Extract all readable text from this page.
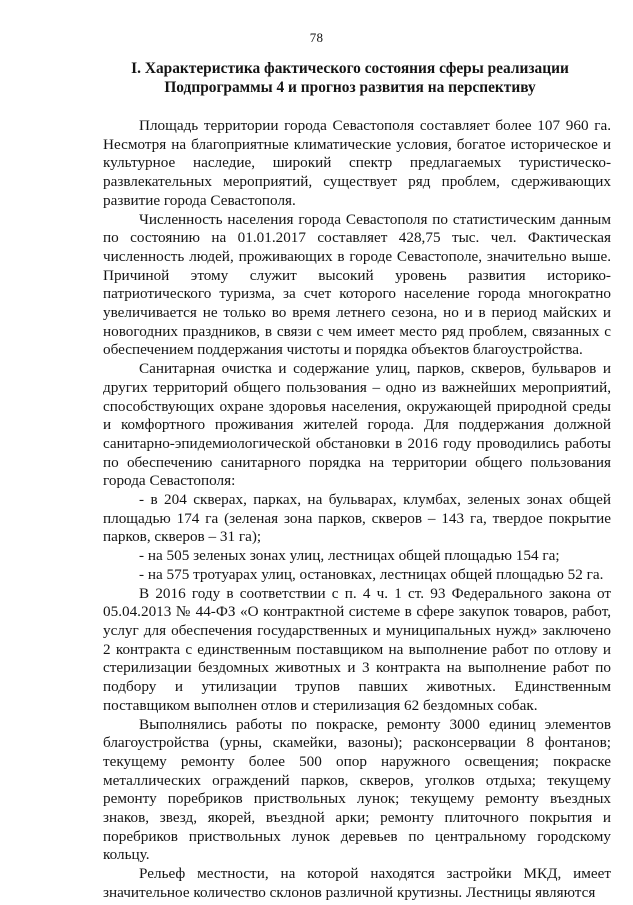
78
I. Характеристика фактического состояния сферы реализации
Подпрограммы 4 и прогноз развития на перспективу

Площадь территории города Севастополя составляет более 107 960 га. Несмотря на благоприятные климатические условия, богатое историческое и культурное наследие, широкий спектр предлагаемых туристическо-развлекательных мероприятий, существует ряд проблем, сдерживающих развитие города Севастополя.

Численность населения города Севастополя по статистическим данным по состоянию на 01.01.2017 составляет 428,75 тыс. чел. Фактическая численность людей, проживающих в городе Севастополе, значительно выше. Причиной этому служит высокий уровень развития историко-патриотического туризма, за счет которого население города многократно увеличивается не только во время летнего сезона, но и в период майских и новогодних праздников, в связи с чем имеет место ряд проблем, связанных с обеспечением поддержания чистоты и порядка объектов благоустройства.

Санитарная очистка и содержание улиц, парков, скверов, бульваров и других территорий общего пользования – одно из важнейших мероприятий, способствующих охране здоровья населения, окружающей природной среды и комфортного проживания жителей города. Для поддержания должной санитарно-эпидемиологической обстановки в 2016 году проводились работы по обеспечению санитарного порядка на территории общего пользования города Севастополя:

- в 204 скверах, парках, на бульварах, клумбах, зеленых зонах общей площадью 174 га (зеленая зона парков, скверов – 143 га, твердое покрытие парков, скверов – 31 га);

- на 505 зеленых зонах улиц, лестницах общей площадью 154 га;

- на 575 тротуарах улиц, остановках, лестницах общей площадью 52 га.

В 2016 году в соответствии с п. 4 ч. 1 ст. 93 Федерального закона от 05.04.2013 № 44-ФЗ «О контрактной системе в сфере закупок товаров, работ, услуг для обеспечения государственных и муниципальных нужд» заключено 2 контракта с единственным поставщиком на выполнение работ по отлову и стерилизации бездомных животных и 3 контракта на выполнение работ по подбору и утилизации трупов павших животных. Единственным поставщиком выполнен отлов и стерилизация 62 бездомных собак.

Выполнялись работы по покраске, ремонту 3000 единиц элементов благоустройства (урны, скамейки, вазоны); расконсервации 8 фонтанов; текущему ремонту более 500 опор наружного освещения; покраске металлических ограждений парков, скверов, уголков отдыха; текущему ремонту поребриков приствольных лунок; текущему ремонту въездных знаков, звезд, якорей, въездной арки; ремонту плиточного покрытия и поребриков приствольных лунок деревьев по центральному городскому кольцу.

Рельеф местности, на которой находятся застройки МКД, имеет значительное количество склонов различной крутизны. Лестницы являются
